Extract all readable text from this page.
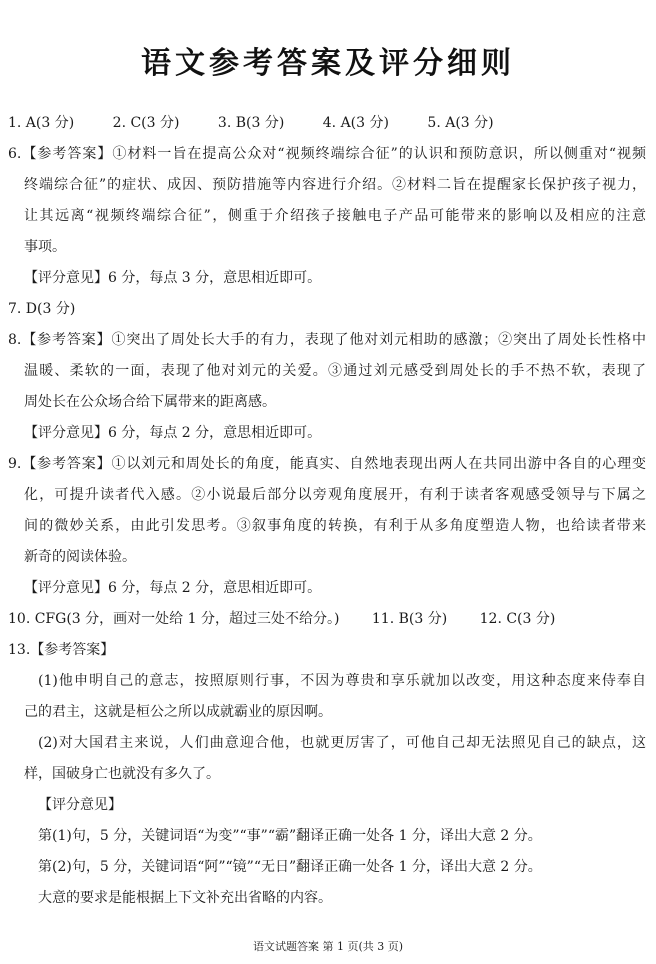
语文参考答案及评分细则
1. A(3 分)	2. C(3 分)	3. B(3 分)	4. A(3 分)	5. A(3 分)
6.【参考答案】①材料一旨在提高公众对“视频终端综合征”的认识和预防意识，所以侧重对“视频
终端综合征”的症状、成因、预防措施等内容进行介绍。②材料二旨在提醒家长保护孩子视力，
让其远离“视频终端综合征”，侧重于介绍孩子接触电子产品可能带来的影响以及相应的注意
事项。
【评分意见】6 分，每点 3 分，意思相近即可。
7. D(3 分)
8.【参考答案】①突出了周处长大手的有力，表现了他对刘元相助的感激；②突出了周处长性格中
温暖、柔软的一面，表现了他对刘元的关爱。③通过刘元感受到周处长的手不热不软，表现了
周处长在公众场合给下属带来的距离感。
【评分意见】6 分，每点 2 分，意思相近即可。
9.【参考答案】①以刘元和周处长的角度，能真实、自然地表现出两人在共同出游中各自的心理变
化，可提升读者代入感。②小说最后部分以旁观角度展开，有利于读者客观感受领导与下属之
间的微妙关系，由此引发思考。③叙事角度的转换，有利于从多角度塑造人物，也给读者带来
新奇的阅读体验。
【评分意见】6 分，每点 2 分，意思相近即可。
10. CFG(3 分，画对一处给 1 分，超过三处不给分。) 11. B(3 分) 12. C(3 分)
13.【参考答案】
(1)他申明自己的意志，按照原则行事，不因为尊贵和享乐就加以改变，用这种态度来侍奉自
己的君主，这就是桓公之所以成就霸业的原因啊。
(2)对大国君主来说，人们曲意迎合他，也就更厉害了，可他自己却无法照见自己的缺点，这
样，国破身亡也就没有多久了。
【评分意见】
第(1)句，5 分，关键词语“为变”“事”“霸”翻译正确一处各 1 分，译出大意 2 分。
第(2)句，5 分，关键词语“阿”“镜”“无日”翻译正确一处各 1 分，译出大意 2 分。
大意的要求是能根据上下文补充出省略的内容。
语文试题答案 第 1 页(共 3 页)
